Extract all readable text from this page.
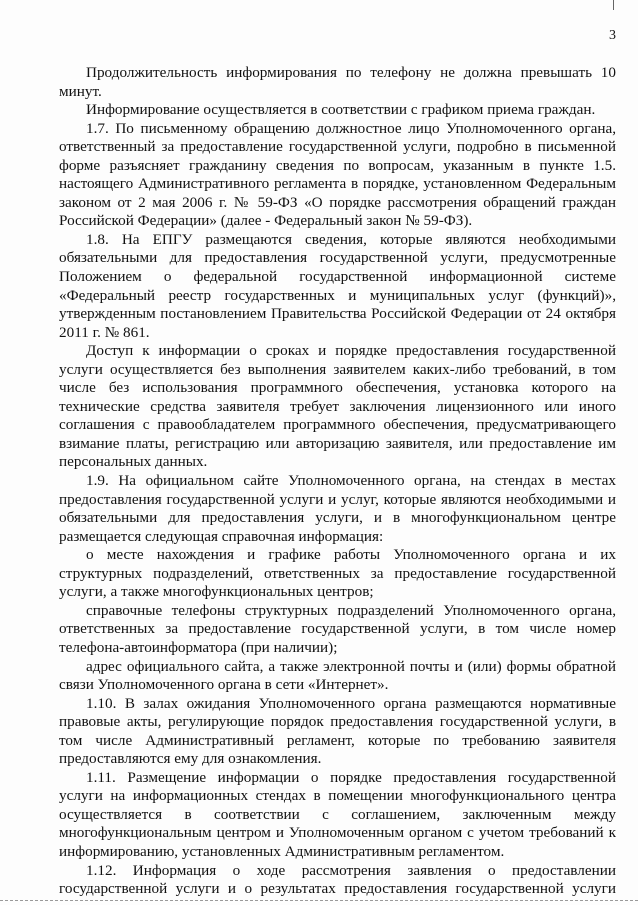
3
Продолжительность информирования по телефону не должна превышать 10
минут.
Информирование осуществляется в соответствии с графиком приема граждан.
1.7. По письменному обращению должностное лицо Уполномоченного органа,
ответственный за предоставление государственной услуги, подробно в письменной
форме разъясняет гражданину сведения по вопросам, указанным в пункте 1.5.
настоящего Административного регламента в порядке, установленном Федеральным
законом от 2 мая 2006 г. № 59-ФЗ «О порядке рассмотрения обращений граждан
Российской Федерации» (далее - Федеральный закон № 59-ФЗ).
1.8. На ЕПГУ размещаются сведения, которые являются необходимыми
обязательными для предоставления государственной услуги, предусмотренные
Положением о федеральной государственной информационной системе
«Федеральный реестр государственных и муниципальных услуг (функций)»,
утвержденным постановлением Правительства Российской Федерации от 24 октября
2011 г. № 861.
Доступ к информации о сроках и порядке предоставления государственной
услуги осуществляется без выполнения заявителем каких-либо требований, в том
числе без использования программного обеспечения, установка которого на
технические средства заявителя требует заключения лицензионного или иного
соглашения с правообладателем программного обеспечения, предусматривающего
взимание платы, регистрацию или авторизацию заявителя, или предоставление им
персональных данных.
1.9. На официальном сайте Уполномоченного органа, на стендах в местах
предоставления государственной услуги и услуг, которые являются необходимыми и
обязательными для предоставления услуги, и в многофункциональном центре
размещается следующая справочная информация:
о месте нахождения и графике работы Уполномоченного органа и их
структурных подразделений, ответственных за предоставление государственной
услуги, а также многофункциональных центров;
справочные телефоны структурных подразделений Уполномоченного органа,
ответственных за предоставление государственной услуги, в том числе номер
телефона-автоинформатора (при наличии);
адрес официального сайта, а также электронной почты и (или) формы обратной
связи Уполномоченного органа в сети «Интернет».
1.10. В залах ожидания Уполномоченного органа размещаются нормативные
правовые акты, регулирующие порядок предоставления государственной услуги, в
том числе Административный регламент, которые по требованию заявителя
предоставляются ему для ознакомления.
1.11. Размещение информации о порядке предоставления государственной
услуги на информационных стендах в помещении многофункционального центра
осуществляется в соответствии с соглашением, заключенным между
многофункциональным центром и Уполномоченным органом с учетом требований к
информированию, установленных Административным регламентом.
1.12. Информация о ходе рассмотрения заявления о предоставлении
государственной услуги и о результатах предоставления государственной услуги
